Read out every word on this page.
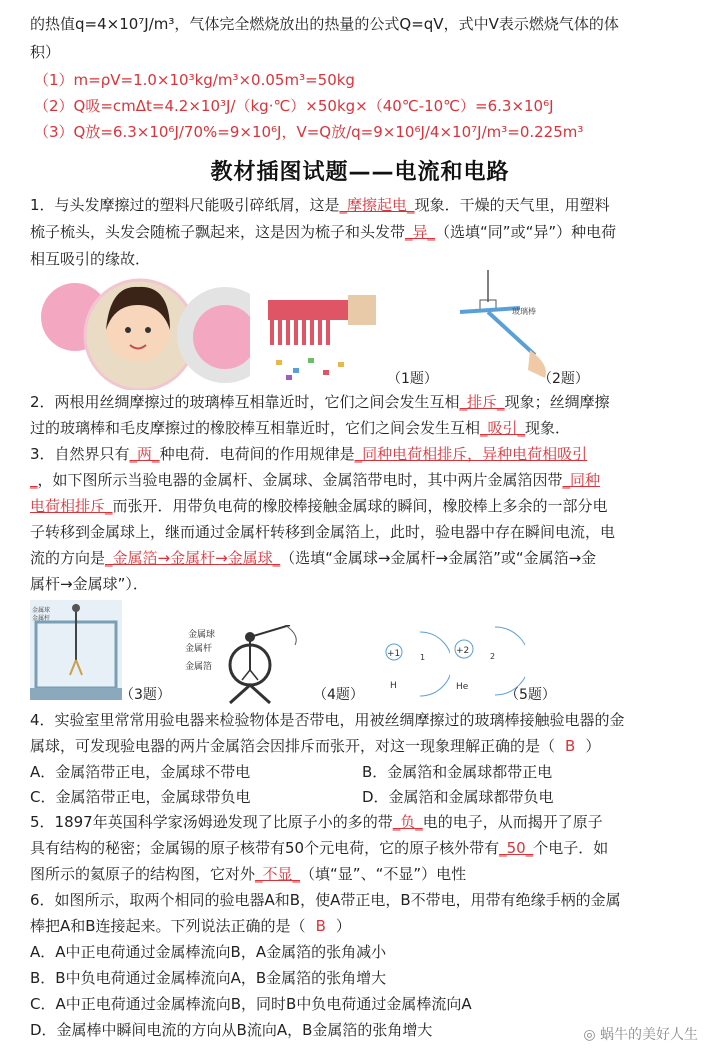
的热值q=4×10⁷J/m³，气体完全燃烧放出的热量的公式Q=qV，式中V表示燃烧气体的体
积）
（1）m=ρV=1.0×10³kg/m³×0.05m³=50kg
（2）Q吸=cmΔt=4.2×10³J/（kg·℃）×50kg×（40℃-10℃）=6.3×10⁶J
（3）Q放=6.3×10⁶J/70%=9×10⁶J，V=Q放/q=9×10⁶J/4×10⁷J/m³=0.225m³
教材插图试题——电流和电路
1．与头发摩擦过的塑料尺能吸引碎纸屑，这是_摩擦起电_现象．干燥的天气里，用塑料
梳子梳头，头发会随梳子飘起来，这是因为梳子和头发带_异_（选填“同”或“异”）种电荷
相互吸引的缘故．
玻璃棒
（1题）	（2题）
2．两根用丝绸摩擦过的玻璃棒互相靠近时，它们之间会发生互相_排斥_现象；丝绸摩擦
过的玻璃棒和毛皮摩擦过的橡胶棒互相靠近时，它们之间会发生互相_吸引_现象．
3．自然界只有_两_种电荷．电荷间的作用规律是_同种电荷相排斥，异种电荷相吸引
_，如下图所示当验电器的金属杆、金属球、金属箔带电时，其中两片金属箔因带_同种
电荷相排斥_而张开．用带负电荷的橡胶棒接触金属球的瞬间，橡胶棒上多余的一部分电
子转移到金属球上，继而通过金属杆转移到金属箔上，此时，验电器中存在瞬间电流，电
流的方向是_金属箔→金属杆→金属球_（选填“金属球→金属杆→金属箔”或“金属箔→金
属杆→金属球”）．
金属球
金属杆
金属球
金属杆
金属箔
+1 1
H
+2
2
He
（3题）	（4题）	（5题）
4．实验室里常常用验电器来检验物体是否带电，用被丝绸摩擦过的玻璃棒接触验电器的金
属球，可发现验电器的两片金属箔会因排斥而张开，对这一现象理解正确的是（ B ）
A．金属箔带正电，金属球不带电	B．金属箔和金属球都带正电
C．金属箔带正电，金属球带负电	D．金属箔和金属球都带负电
5．1897年英国科学家汤姆逊发现了比原子小的多的带_负_电的电子，从而揭开了原子
具有结构的秘密；金属锡的原子核带有50个元电荷，它的原子核外带有_50_个电子．如
图所示的氦原子的结构图，它对外_不显_（填“显”、“不显”）电性
6．如图所示，取两个相同的验电器A和B，使A带正电，B不带电，用带有绝缘手柄的金属
棒把A和B连接起来。下列说法正确的是（ B ）
A．A中正电荷通过金属棒流向B，A金属箔的张角减小
B．B中负电荷通过金属棒流向A，B金属箔的张角增大
C．A中正电荷通过金属棒流向B，同时B中负电荷通过金属棒流向A
D．金属棒中瞬间电流的方向从B流向A，B金属箔的张角增大	◎ 蜗牛的美好人生
